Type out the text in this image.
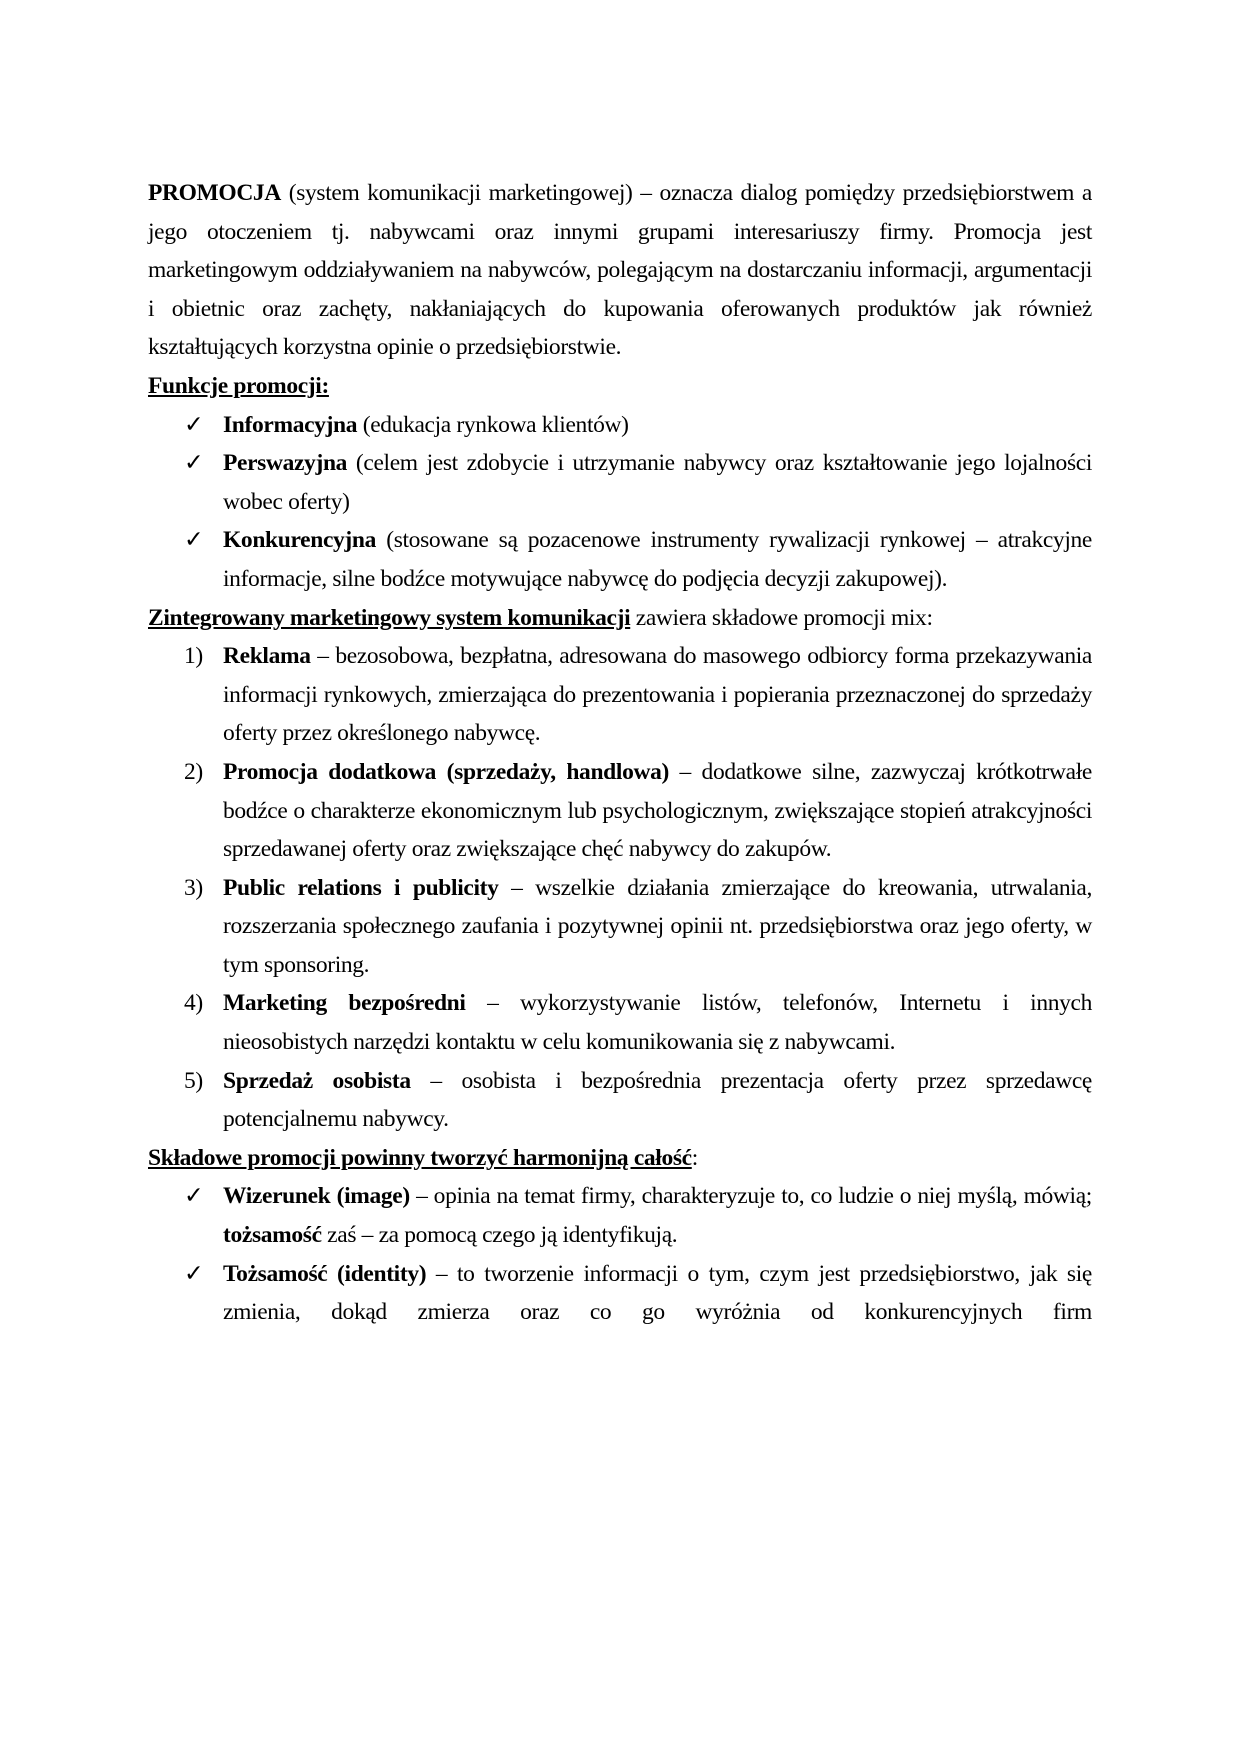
PROMOCJA (system komunikacji marketingowej) – oznacza dialog pomiędzy przedsiębiorstwem a jego otoczeniem tj. nabywcami oraz innymi grupami interesariuszy firmy. Promocja jest marketingowym oddziaływaniem na nabywców, polegającym na dostarczaniu informacji, argumentacji i obietnic oraz zachęty, nakłaniających do kupowania oferowanych produktów jak również kształtujących korzystna opinie o przedsiębiorstwie.

Funkcje promocji:

✓ Informacyjna (edukacja rynkowa klientów)
✓ Perswazyjna (celem jest zdobycie i utrzymanie nabywcy oraz kształtowanie jego lojalności wobec oferty)
✓ Konkurencyjna (stosowane są pozacenowe instrumenty rywalizacji rynkowej – atrakcyjne informacje, silne bodźce motywujące nabywcę do podjęcia decyzji zakupowej).

Zintegrowany marketingowy system komunikacji zawiera składowe promocji mix:

1) Reklama – bezosobowa, bezpłatna, adresowana do masowego odbiorcy forma przekazywania informacji rynkowych, zmierzająca do prezentowania i popierania przeznaczonej do sprzedaży oferty przez określonego nabywcę.
2) Promocja dodatkowa (sprzedaży, handlowa) – dodatkowe silne, zazwyczaj krótkotrwałe bodźce o charakterze ekonomicznym lub psychologicznym, zwiększające stopień atrakcyjności sprzedawanej oferty oraz zwiększające chęć nabywcy do zakupów.
3) Public relations i publicity – wszelkie działania zmierzające do kreowania, utrwalania, rozszerzania społecznego zaufania i pozytywnej opinii nt. przedsiębiorstwa oraz jego oferty, w tym sponsoring.
4) Marketing bezpośredni – wykorzystywanie listów, telefonów, Internetu i innych nieosobistych narzędzi kontaktu w celu komunikowania się z nabywcami.
5) Sprzedaż osobista – osobista i bezpośrednia prezentacja oferty przez sprzedawcę potencjalnemu nabywcy.

Składowe promocji powinny tworzyć harmonijną całość:

✓ Wizerunek (image) – opinia na temat firmy, charakteryzuje to, co ludzie o niej myślą, mówią; tożsamość zaś – za pomocą czego ją identyfikują.
✓ Tożsamość (identity) – to tworzenie informacji o tym, czym jest przedsiębiorstwo, jak się zmienia, dokąd zmierza oraz co go wyróżnia od konkurencyjnych firm
